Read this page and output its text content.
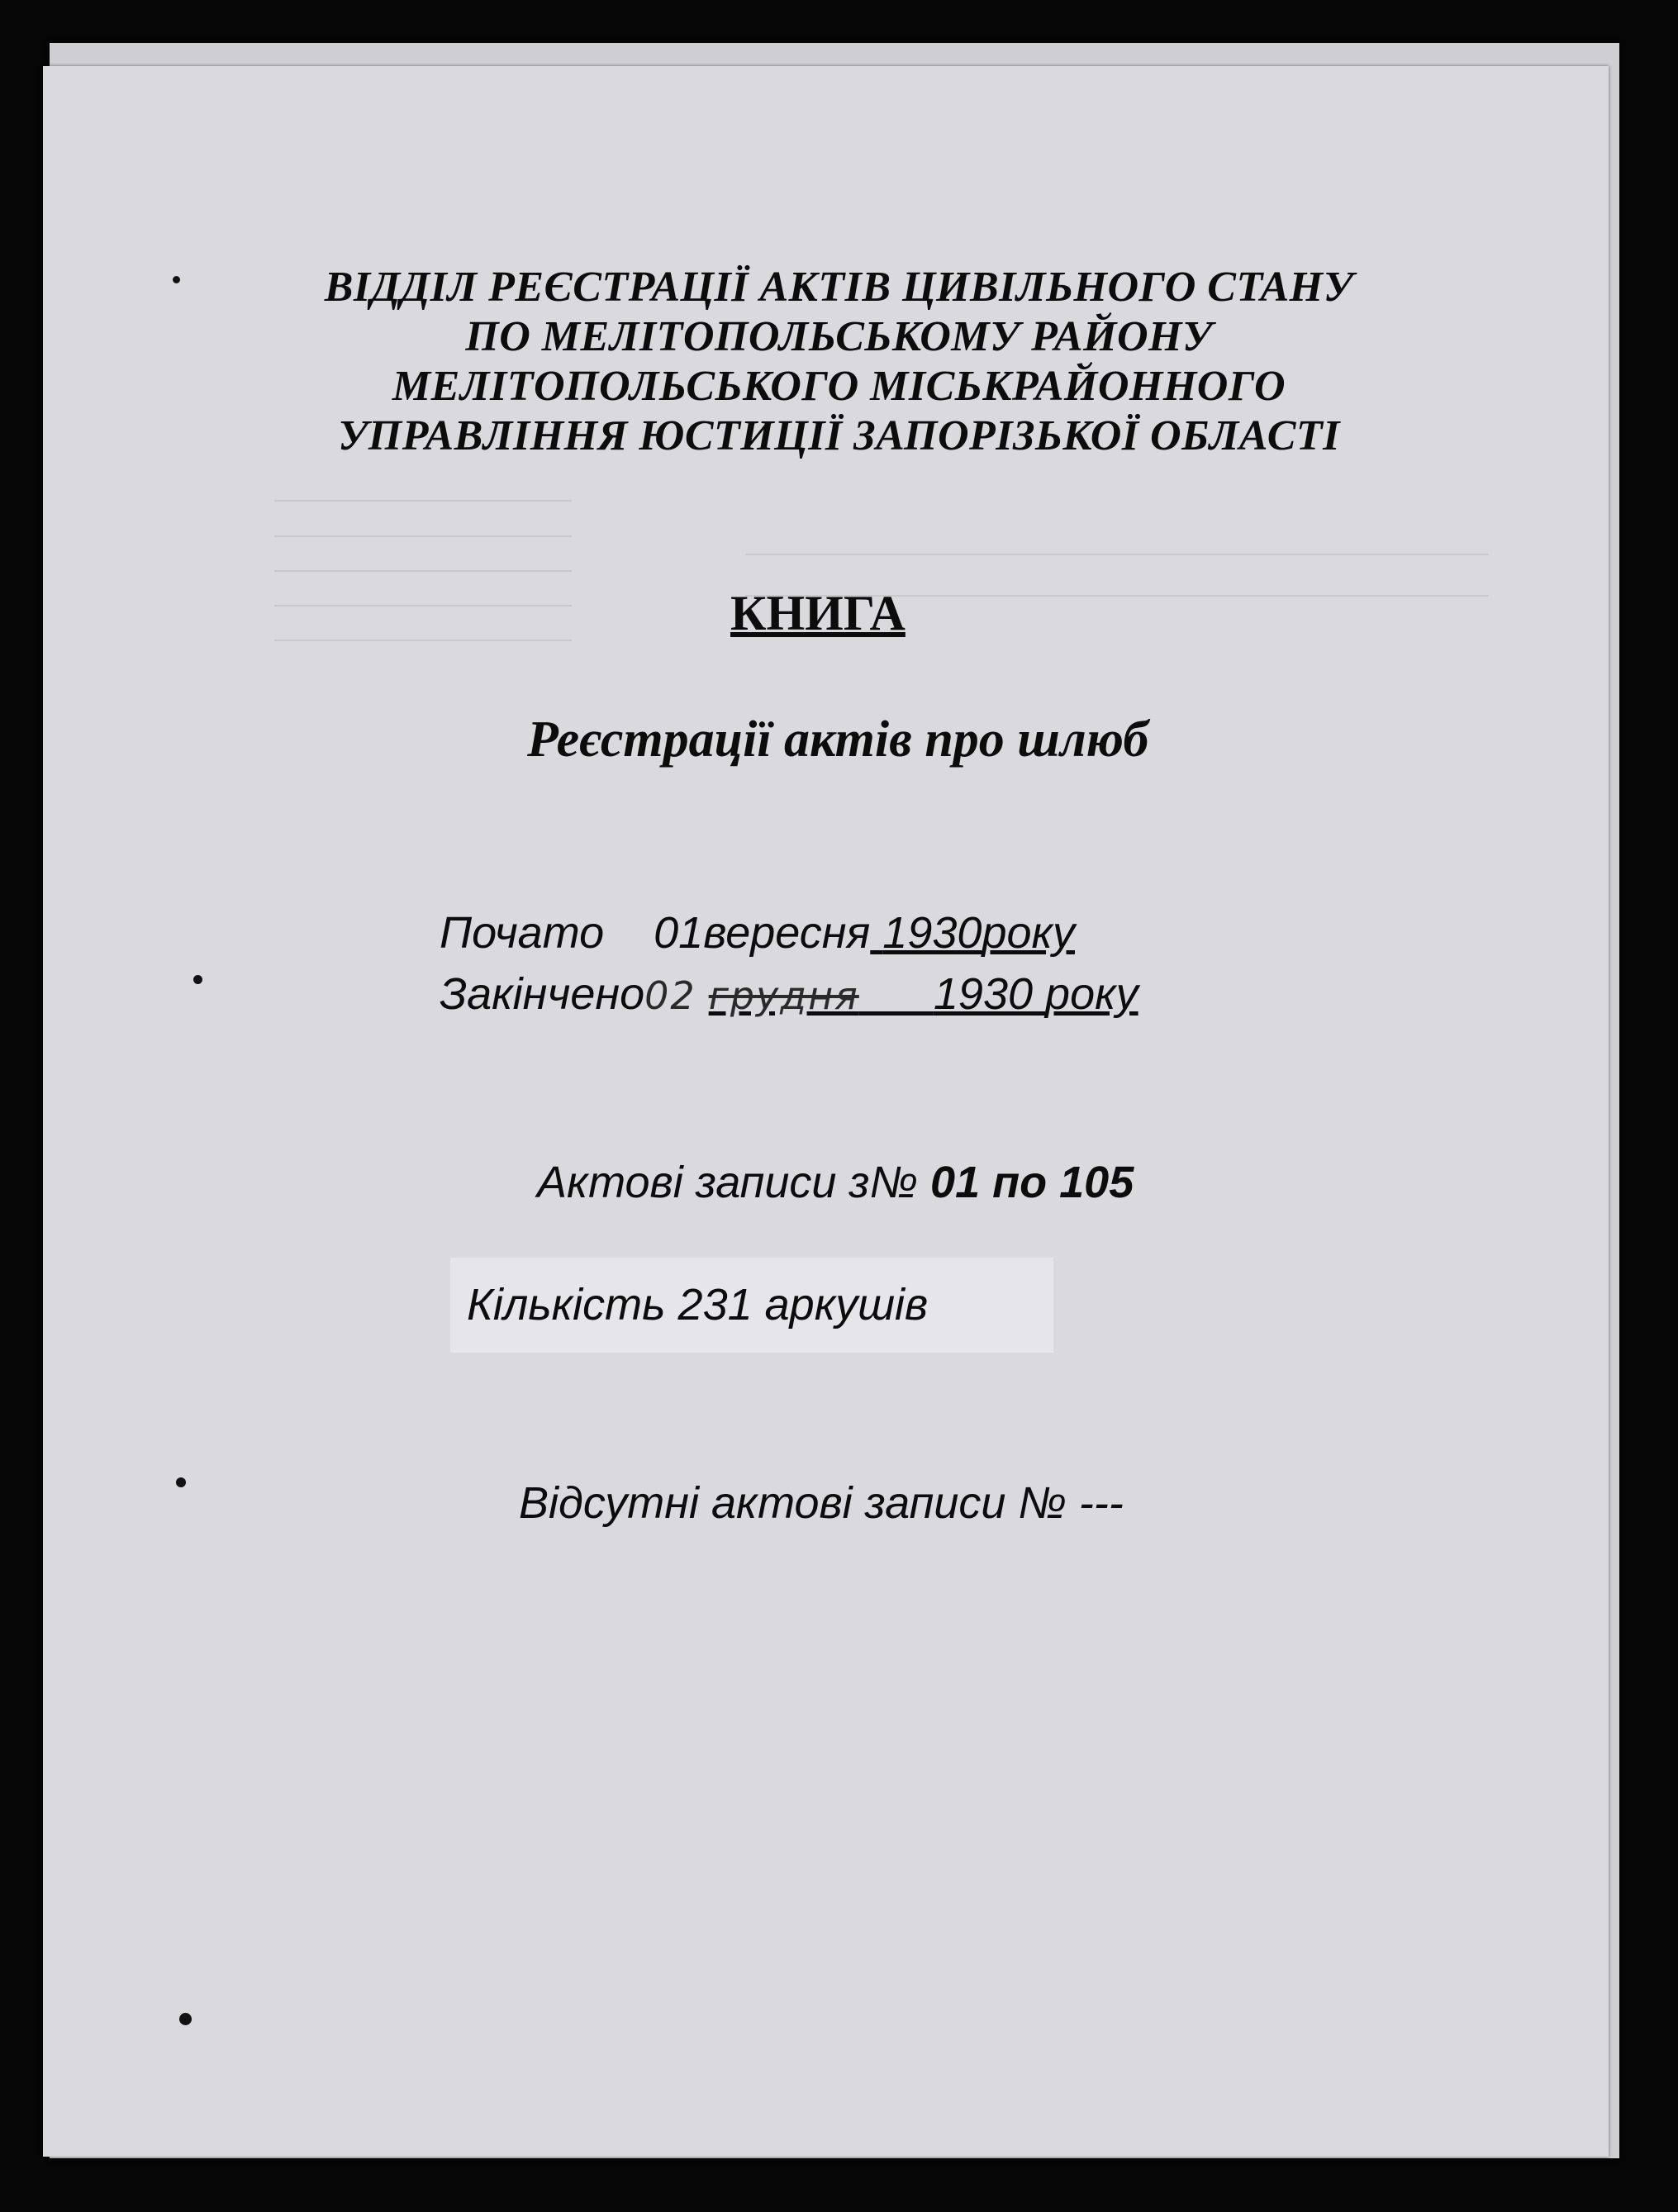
ВІДДІЛ РЕЄСТРАЦІЇ АКТІВ ЦИВІЛЬНОГО СТАНУ
ПО МЕЛІТОПОЛЬСЬКОМУ РАЙОНУ
МЕЛІТОПОЛЬСЬКОГО МІСЬКРАЙОННОГО
УПРАВЛІННЯ ЮСТИЦІЇ ЗАПОРІЗЬКОЇ ОБЛАСТІ
КНИГА
Реєстрації актів про шлюб
Почато 01вересня 1930року
Закінчено02 грудня 1930 року
Актові записи з№ 01 по 105
Кількість 231 аркушів
Відсутні актові записи № ---
